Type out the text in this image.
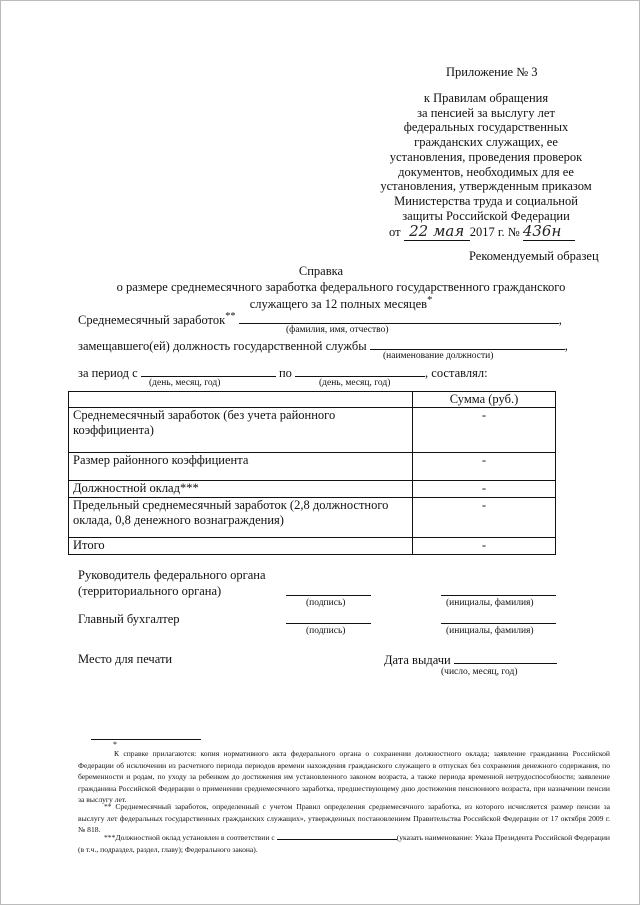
Приложение № 3
к Правилам обращения
за пенсией за выслугу лет
федеральных государственных
гражданских служащих, ее
установления, проведения проверок
документов, необходимых для ее
установления, утвержденным приказом
Министерства труда и социальной
защиты Российской Федерации
от 22 мая 2017 г. № 436н
Рекомендуемый образец
Справка
о размере среднемесячного заработка федерального государственного гражданского
служащего за 12 полных месяцев*
Среднемесячный заработок**	,
(фамилия, имя, отчество)
замещавшего(ей) должность государственной службы	,
(наименование должности)
за период с	по	, составлял:
(день, месяц, год)	(день, месяц, год)
	Сумма (руб.)
Среднемесячный заработок (без учета районного коэффициента)	-
Размер районного коэффициента	-
Должностной оклад***	-
Предельный среднемесячный заработок (2,8 должностного оклада, 0,8 денежного вознаграждения)	-
Итого	-
Руководитель федерального органа
(территориального органа)
(подпись)	(инициалы, фамилия)
Главный бухгалтер
(подпись)	(инициалы, фамилия)
Место для печати	Дата выдачи
(число, месяц, год)
*
К справке прилагаются: копия нормативного акта федерального органа о сохранении должностного оклада; заявление гражданина Российской Федерации об исключении из расчетного периода периодов времени нахождения гражданского служащего в отпусках без сохранения денежного содержания, по беременности и родам, по уходу за ребенком до достижения им установленного законом возраста, а также периода временной нетрудоспособности; заявление гражданина Российской Федерации о применении среднемесячного заработка, предшествующему дню достижения пенсионного возраста, при назначении пенсии за выслугу лет.
** Среднемесячный заработок, определенный с учетом Правил определения среднемесячного заработка, из которого исчисляется размер пенсии за выслугу лет федеральных государственных гражданских служащих», утвержденных постановлением Правительства Российской Федерации от 17 октября 2009 г. № 818.
***Должностной оклад установлен в соответствии с	(указать наименование: Указа Президента Российской Федерации (в т.ч., подраздел, раздел, главу); Федерального закона).
